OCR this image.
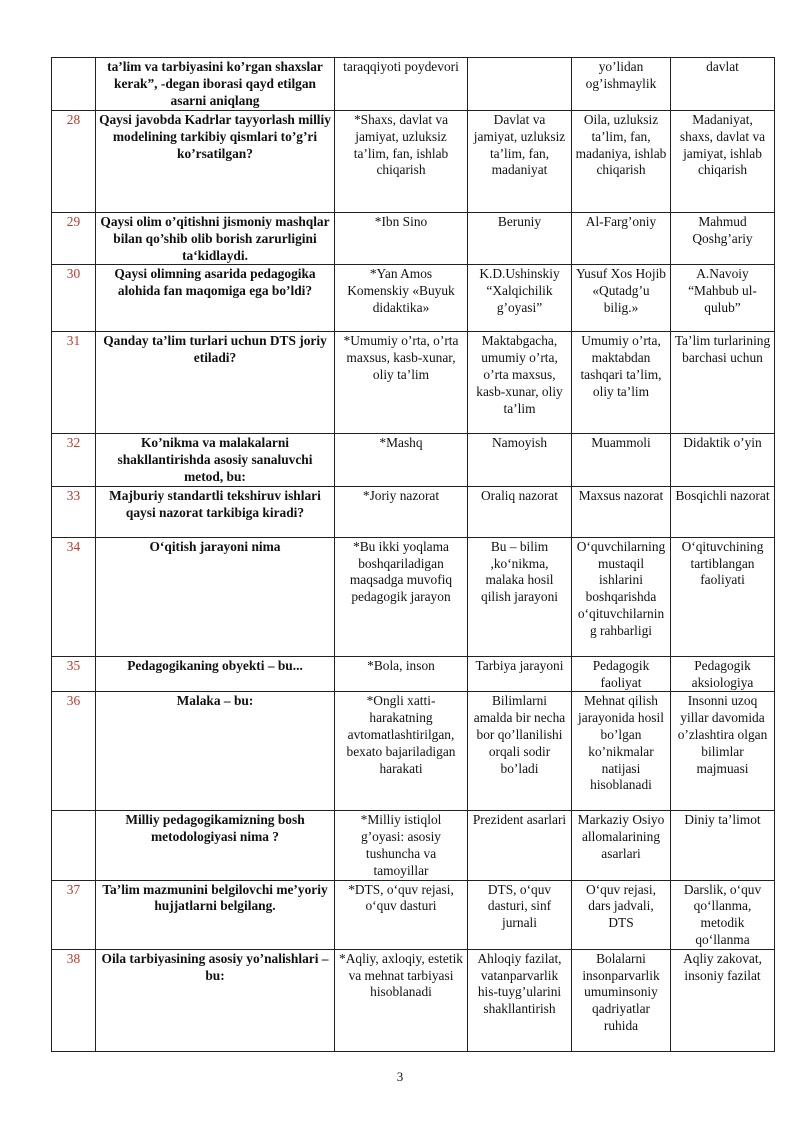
	ta’lim va tarbiyasini ko’rgan shaxslar kerak”, -degan iborasi qayd etilgan asarni aniqlang	taraqqiyoti poydevori		yo’lidan og’ishmaylik	davlat
28	Qaysi javobda Kadrlar tayyorlash milliy modelining tarkibiy qismlari to’g’ri ko’rsatilgan?	*Shaxs, davlat va jamiyat, uzluksiz ta’lim, fan, ishlab chiqarish	Davlat va jamiyat, uzluksiz ta’lim, fan, madaniyat	Oila, uzluksiz ta’lim, fan, madaniya, ishlab chiqarish	Madaniyat, shaxs, davlat va jamiyat, ishlab chiqarish
29	Qaysi olim o’qitishni jismoniy mashqlar bilan qo’shib olib borish zarurligini ta‘kidlaydi.	*Ibn Sino	Beruniy	Al-Farg’oniy	Mahmud Qoshg’ariy
30	Qaysi olimning asarida pedagogika alohida fan maqomiga ega bo’ldi?	*Yan Amos Komenskiy «Buyuk didaktika»	K.D.Ushinskiy “Xalqichilik g’oyasi”	Yusuf Xos Hojib «Qutadg’u bilig.»	A.Navoiy “Mahbub ul-qulub”
31	Qanday ta’lim turlari uchun DTS joriy etiladi?	*Umumiy o’rta, o’rta maxsus, kasb-xunar, oliy ta’lim	Maktabgacha, umumiy o’rta, o’rta maxsus, kasb-xunar, oliy ta’lim	Umumiy o’rta, maktabdan tashqari ta’lim, oliy ta’lim	Ta’lim turlarining barchasi uchun
32	Ko’nikma va malakalarni shakllantirishda asosiy sanaluvchi metod, bu:	*Mashq	Namoyish	Muammoli	Didaktik o’yin
33	Majburiy standartli tekshiruv ishlari qaysi nazorat tarkibiga kiradi?	*Joriy nazorat	Oraliq nazorat	Maxsus nazorat	Bosqichli nazorat
34	O‘qitish jarayoni nima	*Bu ikki yoqlama boshqariladigan maqsadga muvofiq pedagogik jarayon	Bu – bilim ,ko‘nikma, malaka hosil qilish jarayoni	O‘quvchilarning mustaqil ishlarini boshqarishda o‘qituvchilarning rahbarligi	O‘qituvchining tartiblangan faoliyati
35	Pedagogikaning obyekti – bu...	*Bola, inson	Tarbiya jarayoni	Pedagogik faoliyat	Pedagogik aksiologiya
36	Malaka – bu:	*Ongli xatti-harakatning avtomatlashtirilgan, bexato bajariladigan harakati	Bilimlarni amalda bir necha bor qo’llanilishi orqali sodir bo’ladi	Mehnat qilish jarayonida hosil bo’lgan ko’nikmalar natijasi hisoblanadi	Insonni uzoq yillar davomida o’zlashtira olgan bilimlar majmuasi
	Milliy pedagogikamizning bosh metodologiyasi nima ?	*Milliy istiqlol g’oyasi: asosiy tushuncha va tamoyillar	Prezident asarlari	Markaziy Osiyo allomalarining asarlari	Diniy ta’limot
37	Ta’lim mazmunini belgilovchi me’yoriy hujjatlarni belgilang.	*DTS, o‘quv rejasi, o‘quv dasturi	DTS, o‘quv dasturi, sinf jurnali	O‘quv rejasi, dars jadvali, DTS	Darslik, o‘quv qo‘llanma, metodik qo‘llanma
38	Oila tarbiyasining asosiy yo’nalishlari – bu:	*Aqliy, axloqiy, estetik va mehnat tarbiyasi hisoblanadi	Ahloqiy fazilat, vatanparvarlik his-tuyg’ularini shakllantirish	Bolalarni insonparvarlik umuminsoniy qadriyatlar ruhida	Aqliy zakovat, insoniy fazilat
3
